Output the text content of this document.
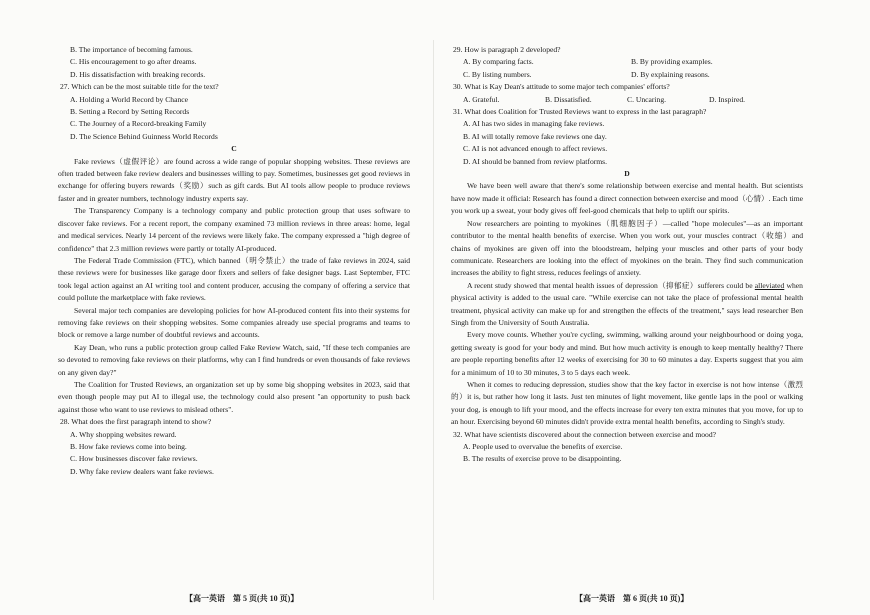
B. The importance of becoming famous.
C. His encouragement to go after dreams.
D. His dissatisfaction with breaking records.
27. Which can be the most suitable title for the text?
A. Holding a World Record by Chance
B. Setting a Record by Setting Records
C. The Journey of a Record-breaking Family
D. The Science Behind Guinness World Records
C
Fake reviews（虚假评论）are found across a wide range of popular shopping websites. These reviews are often traded between fake review dealers and businesses willing to pay. Sometimes, businesses get good reviews in exchange for offering buyers rewards（奖励）such as gift cards. But AI tools allow people to produce reviews faster and in greater numbers, technology industry experts say.
The Transparency Company is a technology company and public protection group that uses software to discover fake reviews. For a recent report, the company examined 73 million reviews in three areas: home, legal and medical services. Nearly 14 percent of the reviews were likely fake. The company expressed a "high degree of confidence" that 2.3 million reviews were partly or totally AI-produced.
The Federal Trade Commission (FTC), which banned（明令禁止）the trade of fake reviews in 2024, said these reviews were for businesses like garage door fixers and sellers of fake designer bags. Last September, FTC took legal action against an AI writing tool and content producer, accusing the company of offering a service that could pollute the marketplace with fake reviews.
Several major tech companies are developing policies for how AI-produced content fits into their systems for removing fake reviews on their shopping websites. Some companies already use special programs and teams to block or remove a large number of doubtful reviews and accounts.
Kay Dean, who runs a public protection group called Fake Review Watch, said, "If these tech companies are so devoted to removing fake reviews on their platforms, why can I find hundreds or even thousands of fake reviews on any given day?"
The Coalition for Trusted Reviews, an organization set up by some big shopping websites in 2023, said that even though people may put AI to illegal use, the technology could also present "an opportunity to push back against those who want to use reviews to mislead others".
28. What does the first paragraph intend to show?
A. Why shopping websites reward.
B. How fake reviews come into being.
C. How businesses discover fake reviews.
D. Why fake review dealers want fake reviews.
29. How is paragraph 2 developed?
A. By comparing facts.	B. By providing examples.
C. By listing numbers.	D. By explaining reasons.
30. What is Kay Dean's attitude to some major tech companies' efforts?
A. Grateful.	B. Dissatisfied.	C. Uncaring.	D. Inspired.
31. What does Coalition for Trusted Reviews want to express in the last paragraph?
A. AI has two sides in managing fake reviews.
B. AI will totally remove fake reviews one day.
C. AI is not advanced enough to affect reviews.
D. AI should be banned from review platforms.
D
We have been well aware that there's some relationship between exercise and mental health. But scientists have now made it official: Research has found a direct connection between exercise and mood（心情）. Each time you work up a sweat, your body gives off feel-good chemicals that help to uplift our spirits.
Now researchers are pointing to myokines（肌细胞因子）—called "hope molecules"—as an important contributor to the mental health benefits of exercise. When you work out, your muscles contract（收缩）and chains of myokines are given off into the bloodstream, helping your muscles and other parts of your body communicate. Researchers are looking into the effect of myokines on the brain. They find such communication increases the ability to fight stress, reduces feelings of anxiety.
A recent study showed that mental health issues of depression（抑郁症）sufferers could be alleviated when physical activity is added to the usual care. "While exercise can not take the place of professional mental health treatment, physical activity can make up for and strengthen the effects of the treatment," says lead researcher Ben Singh from the University of South Australia.
Every move counts. Whether you're cycling, swimming, walking around your neighbourhood or doing yoga, getting sweaty is good for your body and mind. But how much activity is enough to keep mentally healthy? There are people reporting benefits after 12 weeks of exercising for 30 to 60 minutes a day. Experts suggest that you aim for a minimum of 10 to 30 minutes, 3 to 5 days each week.
When it comes to reducing depression, studies show that the key factor in exercise is not how intense（激烈的）it is, but rather how long it lasts. Just ten minutes of light movement, like gentle laps in the pool or walking your dog, is enough to lift your mood, and the effects increase for every ten extra minutes that you move, for up to an hour. Exercising beyond 60 minutes didn't provide extra mental health benefits, according to Singh's study.
32. What have scientists discovered about the connection between exercise and mood?
A. People used to overvalue the benefits of exercise.
B. The results of exercise prove to be disappointing.
【高一英语　第 5 页(共 10 页)】	【高一英语　第 6 页(共 10 页)】
